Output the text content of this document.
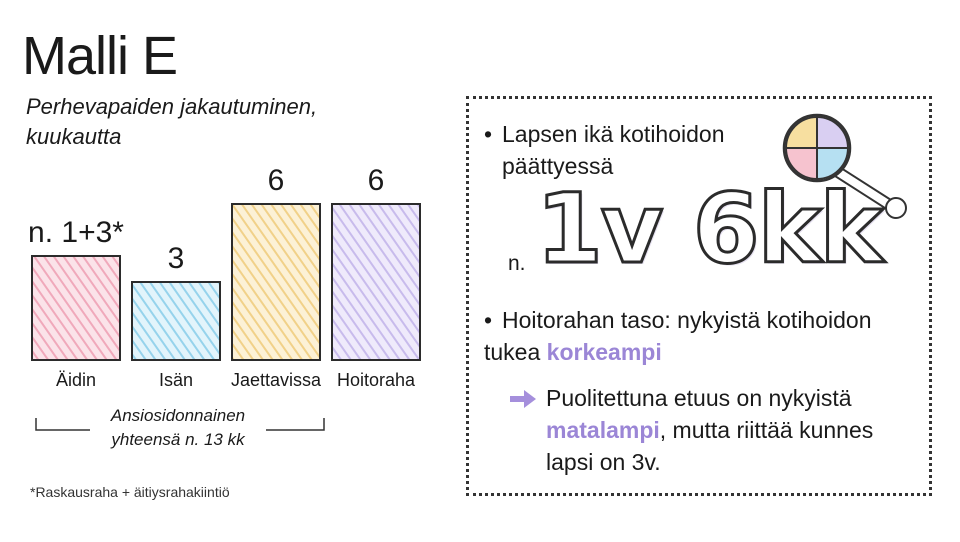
Malli E
Perhevapaiden jakautuminen,
kuukautta
n. 1+3*
Äidin
3
Isän
6
Jaettavissa
6
Hoitoraha
Ansiosidonnainen
yhteensä n. 13 kk
*Raskausraha + äitiysrahakiintiö
• Lapsen ikä kotihoidon
päättyessä
n. 1v 6kk
• Hoitorahan taso: nykyistä kotihoidon tukea korkeampi
Puolitettuna etuus on nykyistä matalampi, mutta riittää kunnes lapsi on 3v.
